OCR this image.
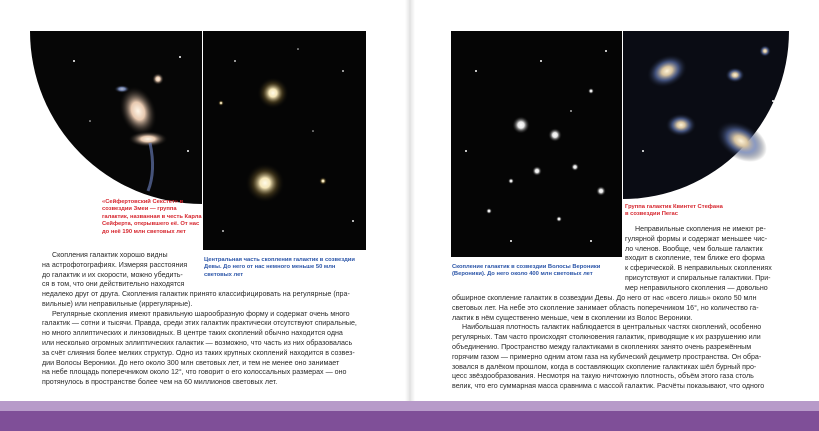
«Сейфертовский Секстет» в созвездии Змеи — группа галактик, названная в честь Карла Сейферта, открывшего её. От нас до неё 190 млн световых лет
Центральная часть скопления галактик в созвездии Девы. До него от нас немного меньше 50 млн световых лет
Скопление галактик в созвездии Волосы Вероники (Вероники). До него около 400 млн световых лет
Группа галактик Квинтет Стефана в созвездии Пегас
Скопления галактик хорошо видны
на астрофотографиях. Измеряя расстояния
до галактик и их скорости, можно убедить-
ся в том, что они действительно находятся
недалеко друг от друга. Скопления галактик принято классифицировать на регулярные (пра-
вильные) или неправильные (иррегулярные).
Регулярные скопления имеют правильную шарообразную форму и содержат очень много
галактик — сотни и тысячи. Правда, среди этих галактик практически отсутствуют спиральные,
но много эллиптических и линзовидных. В центре таких скоплений обычно находится одна
или несколько огромных эллиптических галактик — возможно, что часть из них образовалась
за счёт слияния более мелких структур. Одно из таких крупных скоплений находится в созвез-
дии Волосы Вероники. До него около 300 млн световых лет, и тем не менее оно занимает
на небе площадь поперечником около 12°, что говорит о его колоссальных размерах — оно
протянулось в пространстве более чем на 60 миллионов световых лет.
Неправильные скопления не имеют ре-
гулярной формы и содержат меньшее чис-
ло членов. Вообще, чем больше галактик
входит в скопление, тем ближе его форма
к сферической. В неправильных скоплениях
присутствуют и спиральные галактики. При-
мер неправильного скопления — довольно
обширное скопление галактик в созвездии Девы. До него от нас «всего лишь» около 50 млн
световых лет. На небе это скопление занимает область поперечником 16°, но количество га-
лактик в нём существенно меньше, чем в скоплении из Волос Вероники.
Наибольшая плотность галактик наблюдается в центральных частях скоплений, особенно
регулярных. Там часто происходят столкновения галактик, приводящие к их разрушению или
объединению. Пространство между галактиками в скоплениях занято очень разрежённым
горячим газом — примерно одним атом газа на кубический дециметр пространства. Он обра-
зовался в далёком прошлом, когда в составляющих скопление галактиках шёл бурный про-
цесс звёздообразования. Несмотря на такую ничтожную плотность, объём этого газа столь
велик, что его суммарная масса сравнима с массой галактик. Расчёты показывают, что одного
